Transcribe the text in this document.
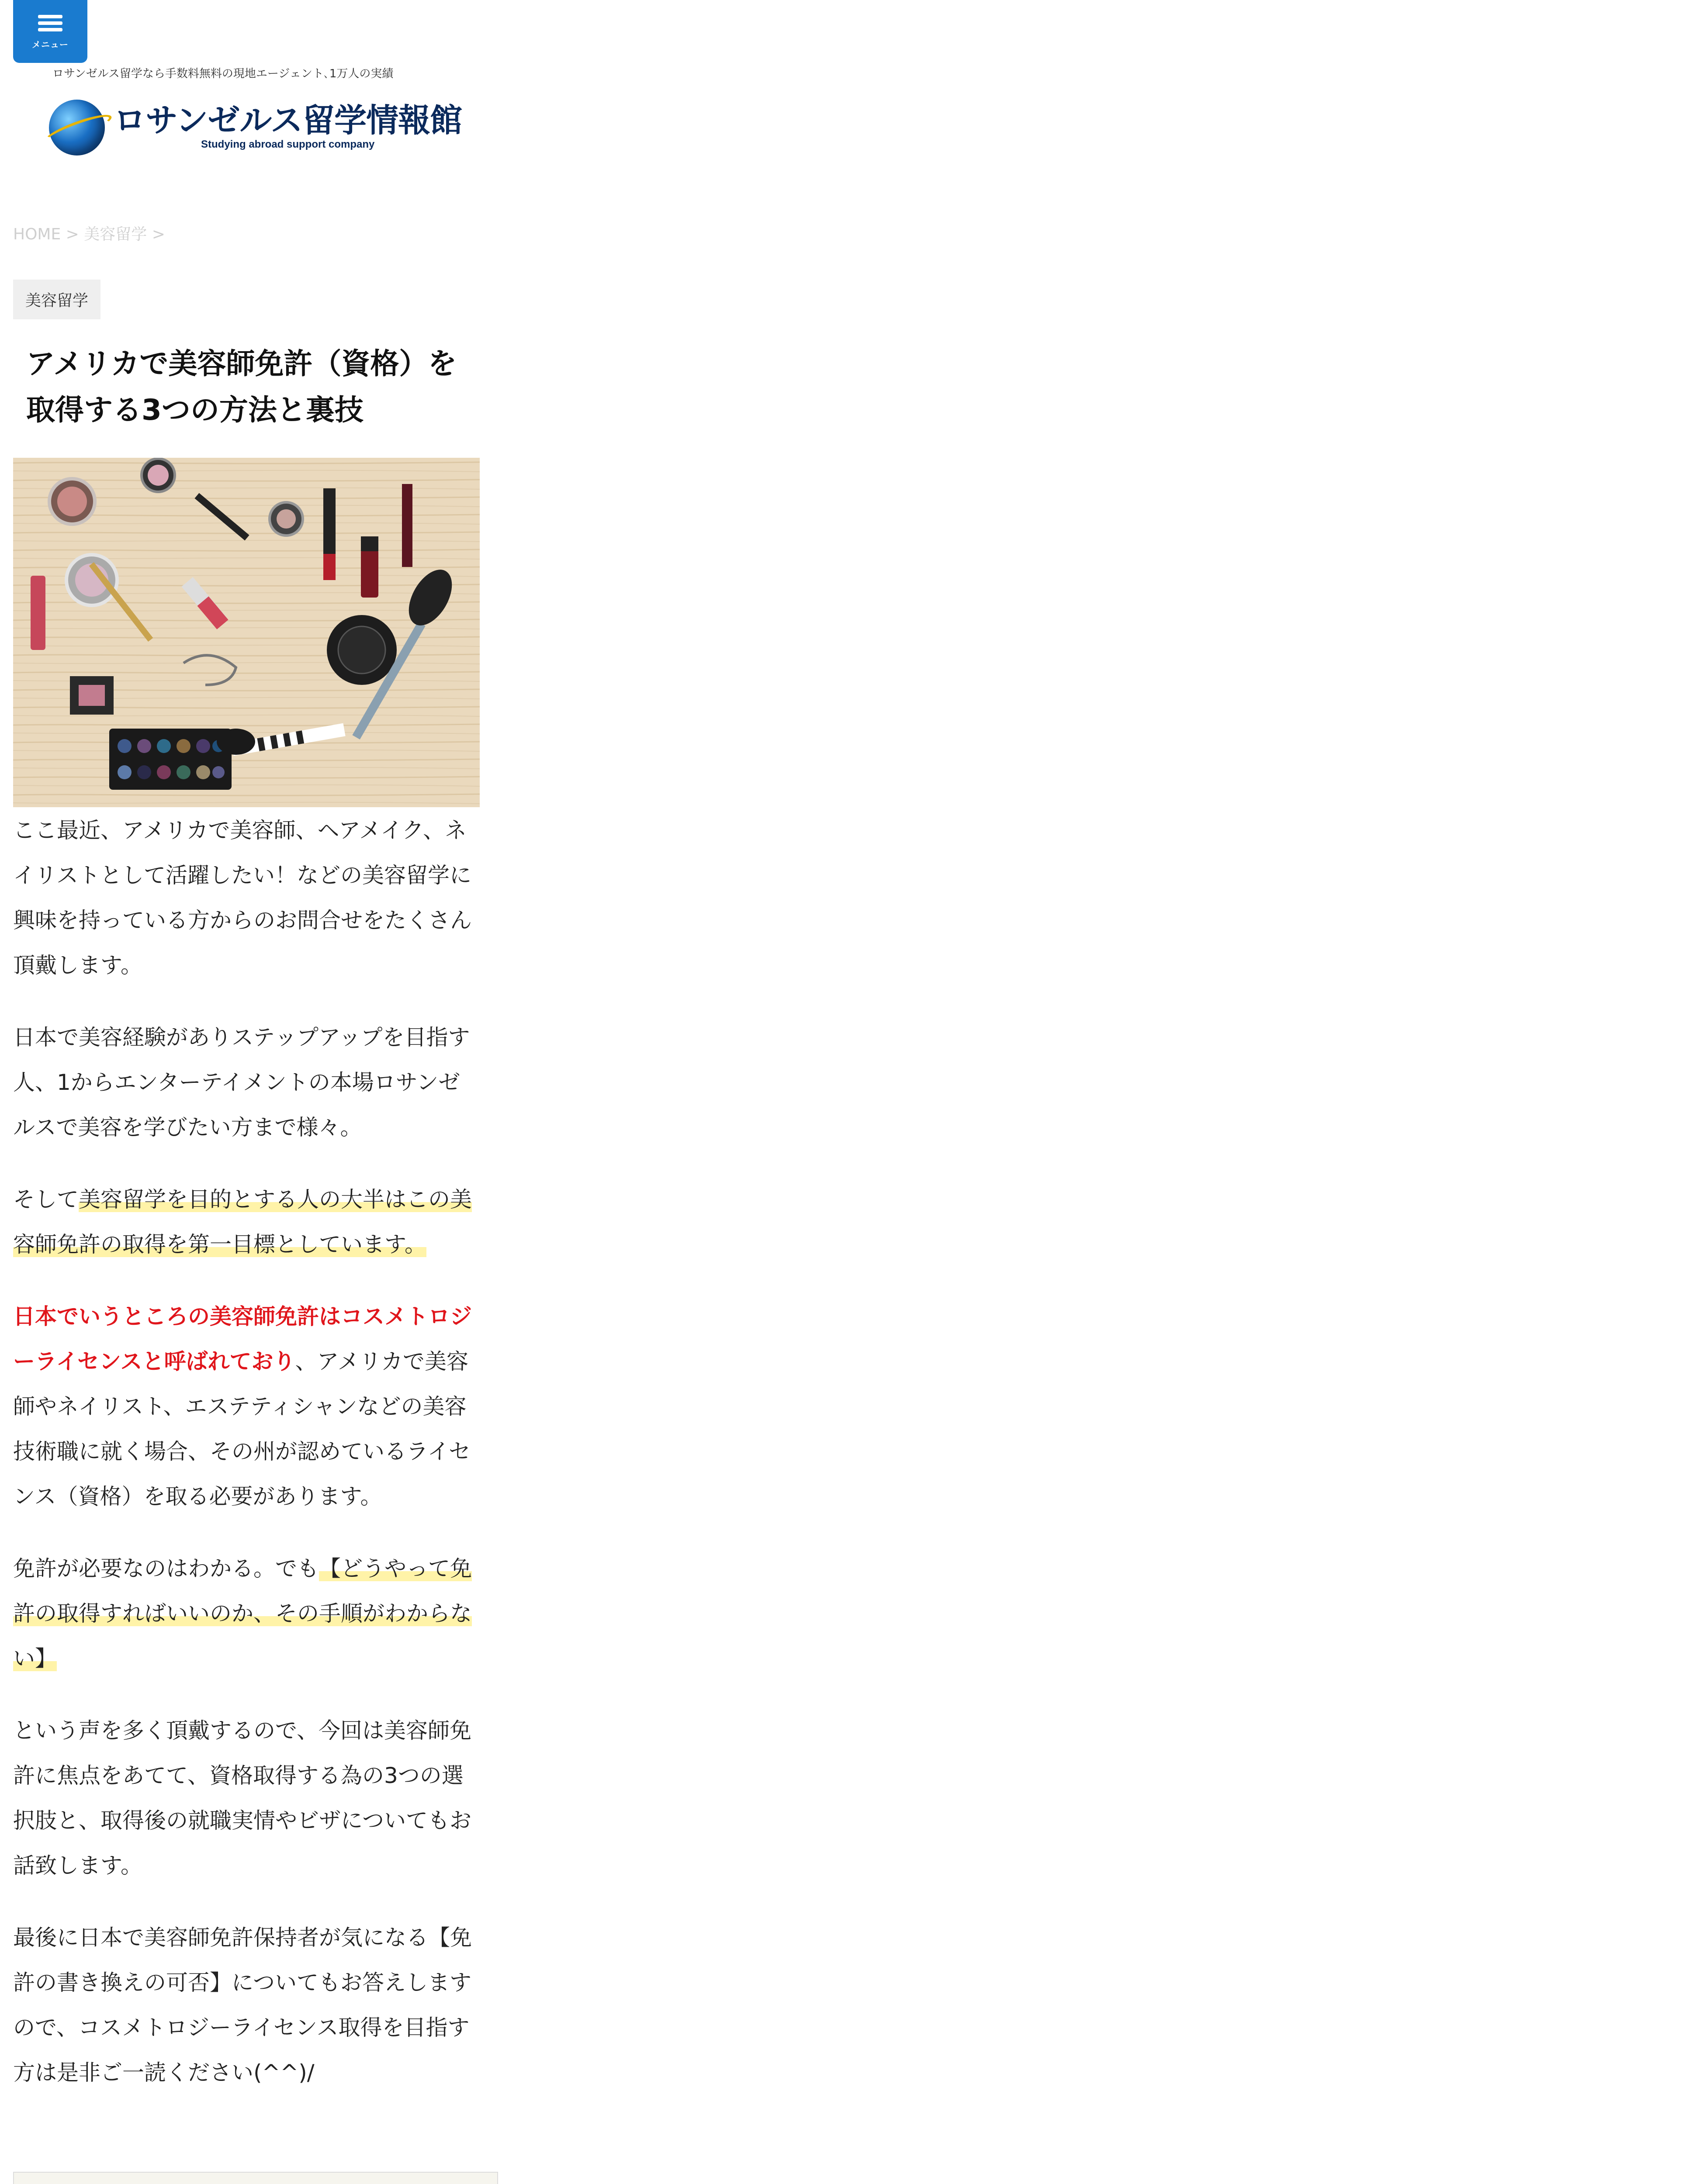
メニュー
ロサンゼルス留学なら手数料無料の現地エージェント､1万人の実績
ロサンゼルス留学情報館
Studying abroad support company
HOME > 美容留学 >
美容留学
アメリカで美容師免許（資格）を取得する3つの方法と裏技

ここ最近、アメリカで美容師、ヘアメイク、ネイリストとして活躍したい！などの美容留学に興味を持っている方からのお問合せをたくさん頂戴します。

日本で美容経験がありステップアップを目指す人、1からエンターテイメントの本場ロサンゼルスで美容を学びたい方まで様々。

そして美容留学を目的とする人の大半はこの美容師免許の取得を第一目標としています。

日本でいうところの美容師免許はコスメトロジーライセンスと呼ばれており、アメリカで美容師やネイリスト、エステティシャンなどの美容技術職に就く場合、その州が認めているライセンス（資格）を取る必要があります。

免許が必要なのはわかる。でも【どうやって免許の取得すればいいのか、その手順がわからない】

という声を多く頂戴するので、今回は美容師免許に焦点をあてて、資格取得する為の3つの選択肢と、取得後の就職実情やビザについてもお話致します。

最後に日本で美容師免許保持者が気になる【免許の書き換えの可否】についてもお答えしますので、コスメトロジーライセンス取得を目指す方は是非ご一読ください(^^)/
